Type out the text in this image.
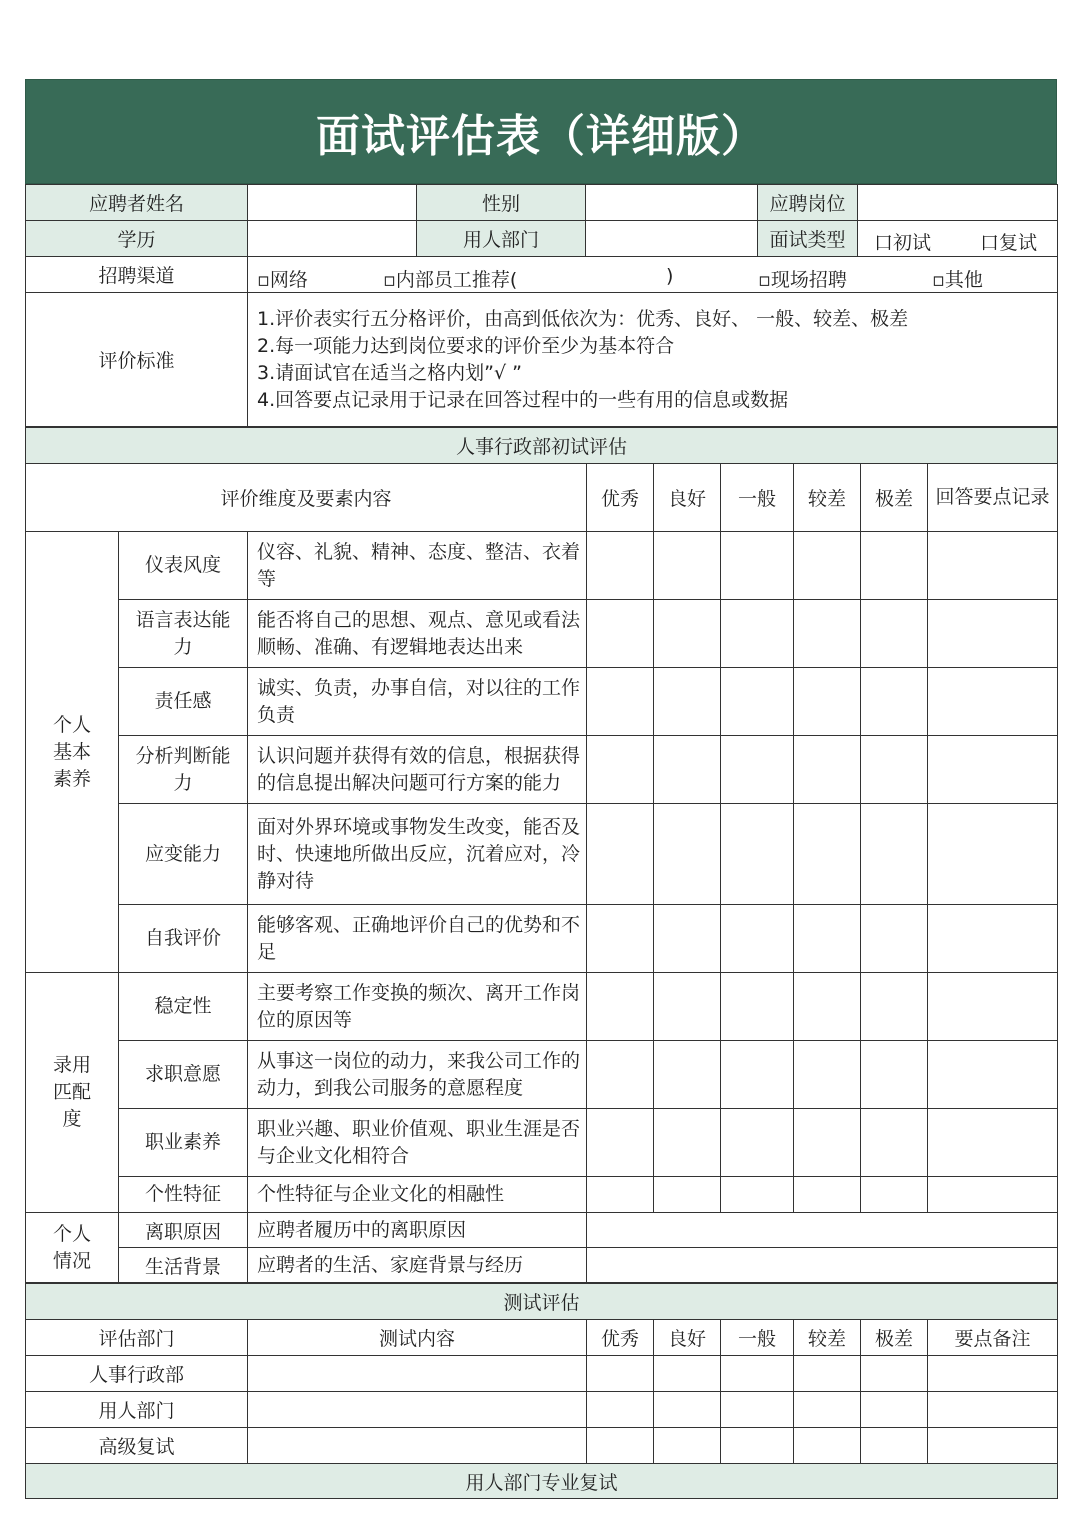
面试评估表（详细版）
应聘者姓名		性别		应聘岗位	
学历		用人部门		面试类型	口初试 口复试

招聘渠道	▫网络 ▫内部员工推荐( ) ▫现场招聘 ▫其他				

评价标准	1.评价表实行五分格评价，由高到低依次为：优秀、良好、 一般、较差、极差
2.每一项能力达到岗位要求的评价至少为基本符合
3.请面试官在适当之格内划”√ ”
4.回答要点记录用于记录在回答过程中的一些有用的信息或数据				
人事行政部初试评估								
评价维度及要素内容			优秀	良好	一般	较差	极差	回答要点记录

个人基本素养	仪表风度	仪容、礼貌、精神、态度、整洁、衣着等						

	语言表达能力	能否将自己的思想、观点、意见或看法顺畅、准确、有逻辑地表达出来						
	责任感	诚实、负责，办事自信，对以往的工作负责						

	分析判断能力	认识问题并获得有效的信息，根据获得的信息提出解决问题可行方案的能力						
	应变能力	面对外界环境或事物发生改变，能否及时、快速地所做出反应，沉着应对，冷静对待						
	自我评价	能够客观、正确地评价自己的优势和不足						

录用匹配度	稳定性	主要考察工作变换的频次、离开工作岗位的原因等						
	求职意愿	从事这一岗位的动力，来我公司工作的动力，到我公司服务的意愿程度						
	职业素养	职业兴趣、职业价值观、职业生涯是否与企业文化相符合						
	个性特征	个性特征与企业文化的相融性						

个人情况	离职原因	应聘者履历中的离职原因						
	生活背景	应聘者的生活、家庭背景与经历						
测试评估							
评估部门	测试内容	优秀	良好	一般	较差	极差	要点备注
人事行政部							
用人部门							
高级复试							
用人部门专业复试							
